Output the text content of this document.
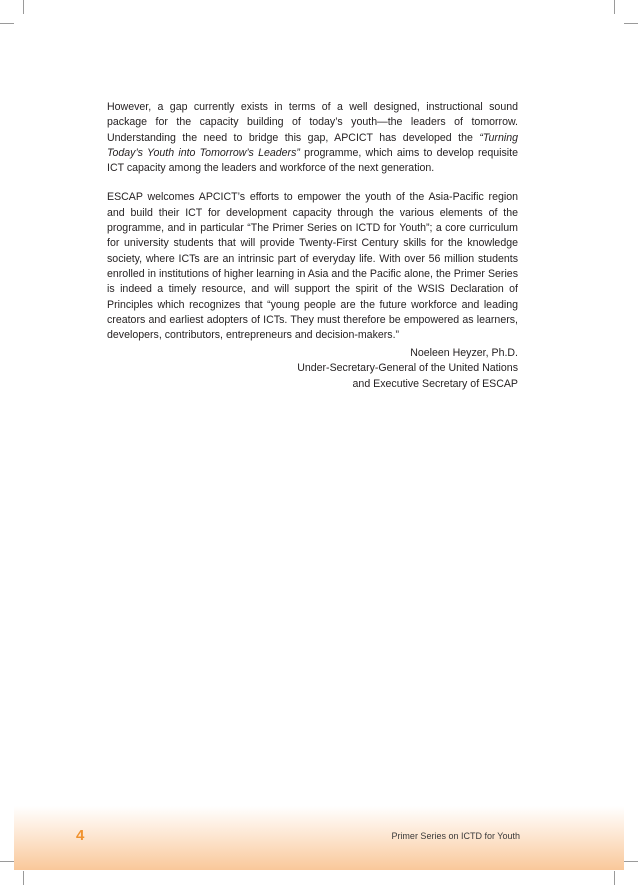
However, a gap currently exists in terms of a well designed, instructional sound package for the capacity building of today’s youth—the leaders of tomorrow. Understanding the need to bridge this gap, APCICT has developed the “Turning Today’s Youth into Tomorrow’s Leaders” programme, which aims to develop requisite ICT capacity among the leaders and workforce of the next generation.

ESCAP welcomes APCICT’s efforts to empower the youth of the Asia-Pacific region and build their ICT for development capacity through the various elements of the programme, and in particular “The Primer Series on ICTD for Youth”; a core curriculum for university students that will provide Twenty-First Century skills for the knowledge society, where ICTs are an intrinsic part of everyday life. With over 56 million students enrolled in institutions of higher learning in Asia and the Pacific alone, the Primer Series is indeed a timely resource, and will support the spirit of the WSIS Declaration of Principles which recognizes that “young people are the future workforce and leading creators and earliest adopters of ICTs. They must therefore be empowered as learners, developers, contributors, entrepreneurs and decision-makers.”

Noeleen Heyzer, Ph.D.
Under-Secretary-General of the United Nations
and Executive Secretary of ESCAP
4	Primer Series on ICTD for Youth
